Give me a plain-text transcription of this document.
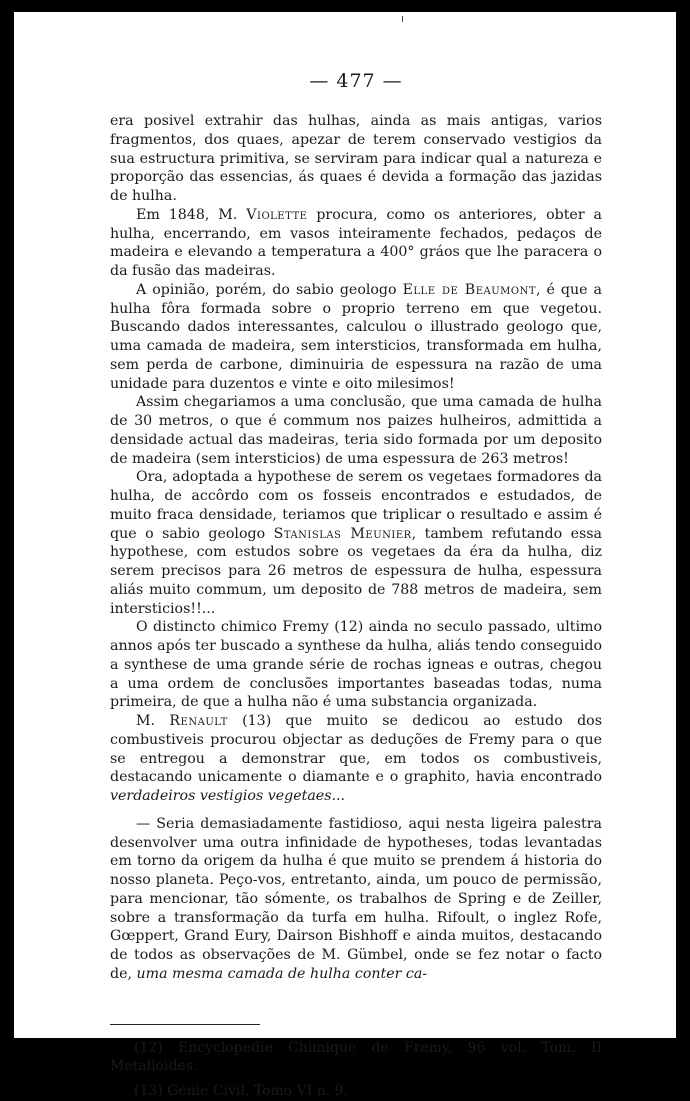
— 477 —

era posivel extrahir das hulhas, ainda as mais antigas, varios fragmentos, dos quaes, apezar de terem conservado vestigios da sua estructura primitiva, se serviram para indicar qual a natureza e proporção das essencias, ás quaes é devida a formação das jazidas de hulha.

Em 1848, M. Violette procura, como os anteriores, obter a hulha, encerrando, em vasos inteiramente fechados, pedaços de madeira e elevando a temperatura a 400° gráos que lhe paracera o da fusão das madeiras.

A opinião, porém, do sabio geologo Elle de Beaumont, é que a hulha fôra formada sobre o proprio terreno em que vegetou. Buscando dados interessantes, calculou o illustrado geologo que, uma camada de madeira, sem intersticios, transformada em hulha, sem perda de carbone, diminuiria de espessura na razão de uma unidade para duzentos e vinte e oito milesimos!

Assim chegariamos a uma conclusão, que uma camada de hulha de 30 metros, o que é commum nos paizes hulheiros, admittida a densidade actual das madeiras, teria sido formada por um deposito de madeira (sem intersticios) de uma espessura de 263 metros!

Ora, adoptada a hypothese de serem os vegetaes formadores da hulha, de accôrdo com os fosseis encontrados e estudados, de muito fraca densidade, teriamos que triplicar o resultado e assim é que o sabio geologo Stanislas Meunier, tambem refutando essa hypothese, com estudos sobre os vegetaes da éra da hulha, diz serem precisos para 26 metros de espessura de hulha, espessura aliás muito commum, um deposito de 788 metros de madeira, sem intersticios!!...

O distincto chimico Fremy (12) ainda no seculo passado, ultimo annos após ter buscado a synthese da hulha, aliás tendo conseguido a synthese de uma grande série de rochas igneas e outras, chegou a uma ordem de conclusões importantes baseadas todas, numa primeira, de que a hulha não é uma substancia organizada.

M. Renault (13) que muito se dedicou ao estudo dos combustiveis procurou objectar as deduções de Fremy para o que se entregou a demonstrar que, em todos os combustiveis, destacando unicamente o diamante e o graphito, havia encontrado verdadeiros vestigios vegetaes...

— Seria demasiadamente fastidioso, aqui nesta ligeira palestra desenvolver uma outra infinidade de hypotheses, todas levantadas em torno da origem da hulha é que muito se prendem á historia do nosso planeta. Peço-vos, entretanto, ainda, um pouco de permissão, para mencionar, tão sómente, os trabalhos de Spring e de Zeiller, sobre a transformação da turfa em hulha. Rifoult, o inglez Rofe, Gœppert, Grand Eury, Dairson Bishhoff e ainda muitos, destacando de todos as observações de M. Gümbel, onde se fez notar o facto de, uma mesma camada de hulha conter ca-

(12) Encyclopedie Chimique de Fremy, 96 vol. Tom. II Metalloides.

(13) Genie Civil, Tomo VI n. 9.
